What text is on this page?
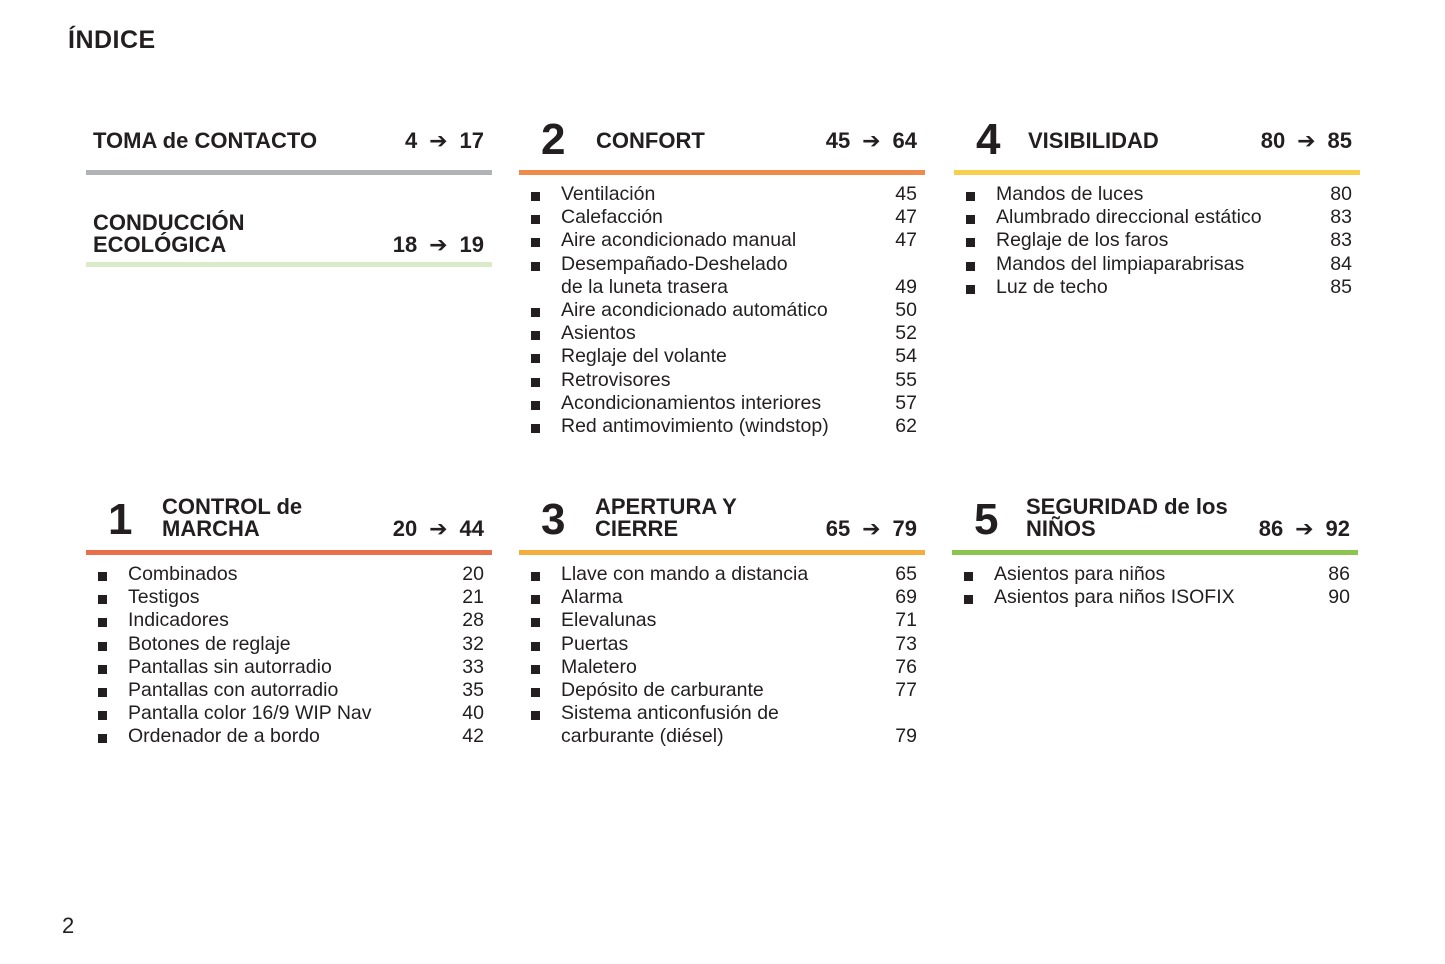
ÍNDICE
TOMA de CONTACTO	4 ➔ 17
CONDUCCIÓN
ECOLÓGICA	18 ➔ 19
2 CONFORT	45 ➔ 64
Ventilación	45
Calefacción	47
Aire acondicionado manual	47
Desempañado-Deshelado
de la luneta trasera	49
Aire acondicionado automático	50
Asientos	52
Reglaje del volante	54
Retrovisores	55
Acondicionamientos interiores	57
Red antimovimiento (windstop)	62
4 VISIBILIDAD	80 ➔ 85
Mandos de luces	80
Alumbrado direccional estático	83
Reglaje de los faros	83
Mandos del limpiaparabrisas	84
Luz de techo	85
1 CONTROL de
MARCHA	20 ➔ 44
Combinados	20
Testigos	21
Indicadores	28
Botones de reglaje	32
Pantallas sin autorradio	33
Pantallas con autorradio	35
Pantalla color 16/9 WIP Nav	40
Ordenador de a bordo	42
3 APERTURA Y
CIERRE	65 ➔ 79
Llave con mando a distancia	65
Alarma	69
Elevalunas	71
Puertas	73
Maletero	76
Depósito de carburante	77
Sistema anticonfusión de
carburante (diésel)	79
5 SEGURIDAD de los
NIÑOS	86 ➔ 92
Asientos para niños	86
Asientos para niños ISOFIX	90
2
